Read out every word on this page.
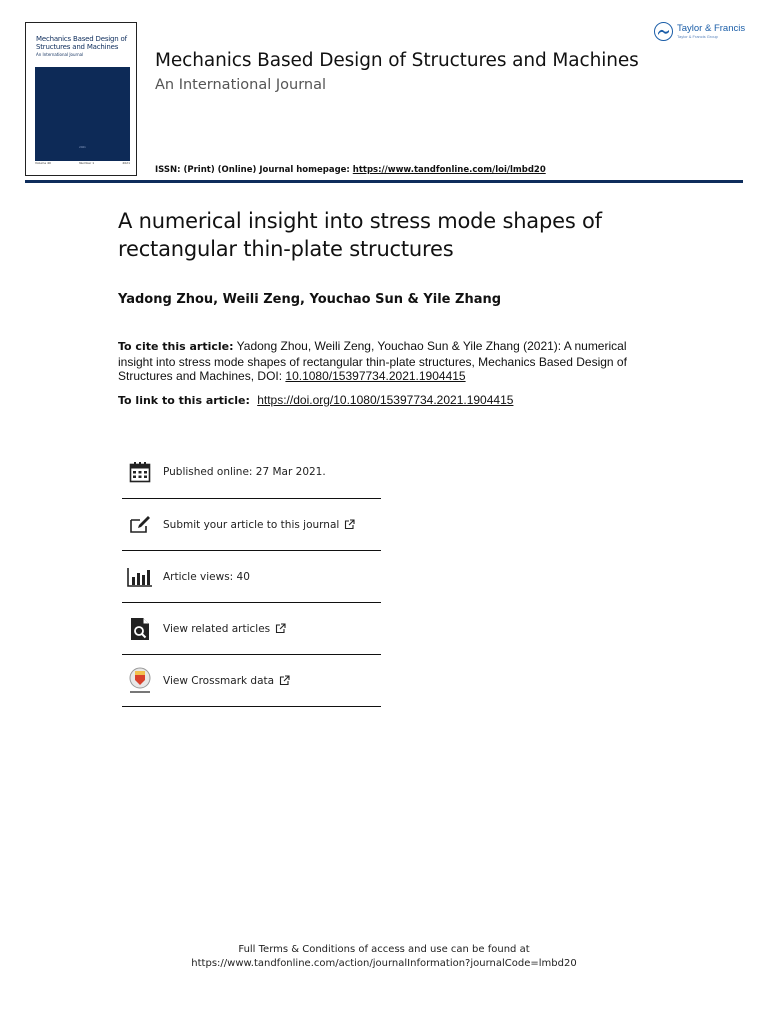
Mechanics Based Design of Structures and Machines
An International Journal
2021
Volume 40	Number 1	2021
Mechanics Based Design of Structures and Machines
An International Journal
ISSN: (Print) (Online) Journal homepage: https://www.tandfonline.com/loi/lmbd20
Taylor & Francis
Taylor & Francis Group
A numerical insight into stress mode shapes of rectangular thin-plate structures
Yadong Zhou, Weili Zeng, Youchao Sun & Yile Zhang
To cite this article: Yadong Zhou, Weili Zeng, Youchao Sun & Yile Zhang (2021): A numerical insight into stress mode shapes of rectangular thin-plate structures, Mechanics Based Design of Structures and Machines, DOI: 10.1080/15397734.2021.1904415
To link to this article: https://doi.org/10.1080/15397734.2021.1904415
Published online: 27 Mar 2021.
Submit your article to this journal
Article views: 40
View related articles
View Crossmark data
Full Terms & Conditions of access and use can be found at
https://www.tandfonline.com/action/journalInformation?journalCode=lmbd20
